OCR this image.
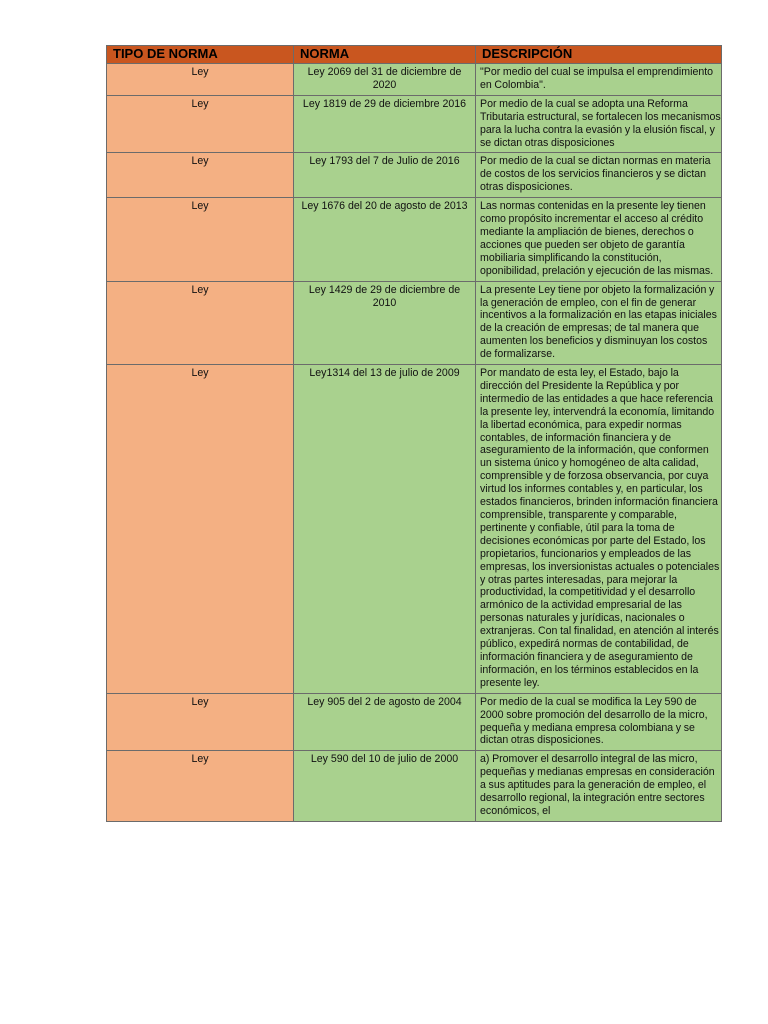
TIPO DE NORMA	NORMA	DESCRIPCIÓN
Ley	Ley 2069 del 31 de diciembre de 2020	"Por medio del cual se impulsa el emprendimiento en Colombia".
Ley	Ley 1819 de 29 de diciembre 2016	Por medio de la cual se adopta una Reforma Tributaria estructural, se fortalecen los mecanismos para la lucha contra la evasión y la elusión fiscal, y se dictan otras disposiciones
Ley	Ley 1793 del 7 de Julio de 2016	Por medio de la cual se dictan normas en materia de costos de los servicios financieros y se dictan otras disposiciones.
Ley	Ley 1676 del 20 de agosto de 2013	Las normas contenidas en la presente ley tienen como propósito incrementar el acceso al crédito mediante la ampliación de bienes, derechos o acciones que pueden ser objeto de garantía mobiliaria simplificando la constitución, oponibilidad, prelación y ejecución de las mismas.
Ley	Ley 1429 de 29 de diciembre de 2010	La presente Ley tiene por objeto la formalización y la generación de empleo, con el fin de generar incentivos a la formalización en las etapas iniciales de la creación de empresas; de tal manera que aumenten los beneficios y disminuyan los costos de formalizarse.
Ley	Ley1314 del 13 de julio de 2009	Por mandato de esta ley, el Estado, bajo la dirección del Presidente la República y por intermedio de las entidades a que hace referencia la presente ley, intervendrá la economía, limitando la libertad económica, para expedir normas contables, de información financiera y de aseguramiento de la información, que conformen un sistema único y homogéneo de alta calidad, comprensible y de forzosa observancia, por cuya virtud los informes contables y, en particular, los estados financieros, brinden información financiera comprensible, transparente y comparable, pertinente y confiable, útil para la toma de decisiones económicas por parte del Estado, los propietarios, funcionarios y empleados de las empresas, los inversionistas actuales o potenciales y otras partes interesadas, para mejorar la productividad, la competitividad y el desarrollo armónico de la actividad empresarial de las personas naturales y jurídicas, nacionales o extranjeras. Con tal finalidad, en atención al interés público, expedirá normas de contabilidad, de información financiera y de aseguramiento de información, en los términos establecidos en la presente ley.
Ley	Ley 905 del 2 de agosto de 2004	Por medio de la cual se modifica la Ley 590 de 2000 sobre promoción del desarrollo de la micro, pequeña y mediana empresa colombiana y se dictan otras disposiciones.
Ley	Ley 590 del 10 de julio de 2000	a) Promover el desarrollo integral de las micro, pequeñas y medianas empresas en consideración a sus aptitudes para la generación de empleo, el desarrollo regional, la integración entre sectores económicos, el
